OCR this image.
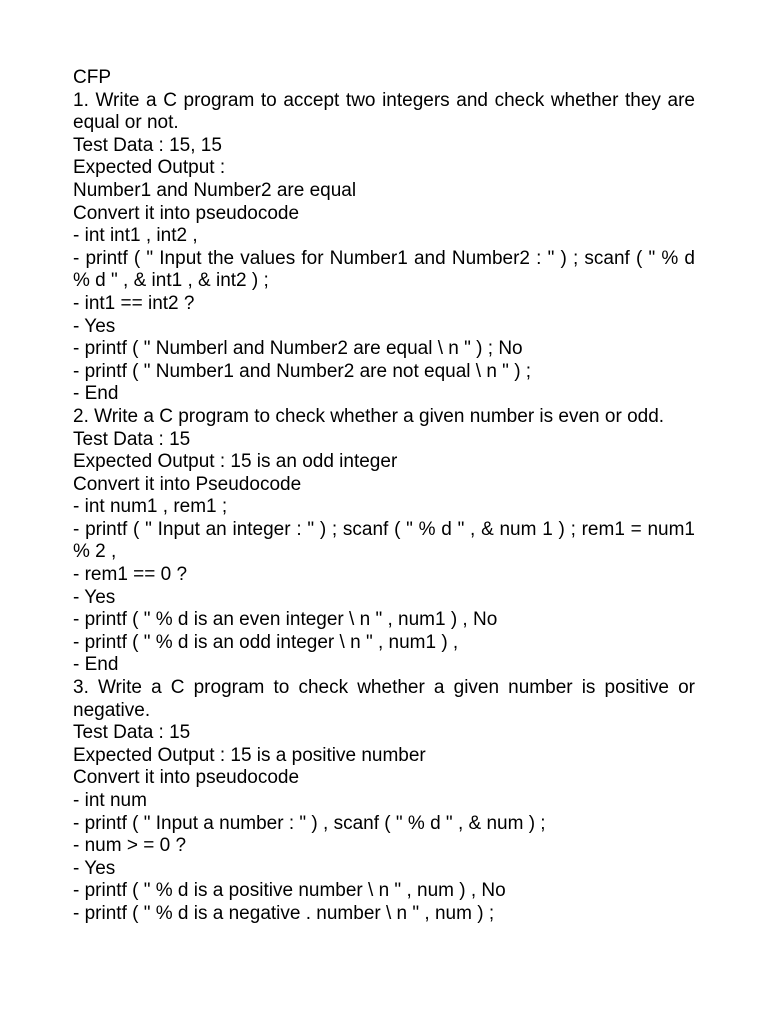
CFP
1. Write a C program to accept two integers and check whether they are equal or not.
Test Data : 15, 15
Expected Output :
Number1 and Number2 are equal
Convert it into pseudocode
- int int1 , int2 ,
- printf ( " Input the values for Number1 and Number2 : " ) ; scanf ( " % d % d " , & int1 , & int2 ) ;
- int1 == int2 ?
- Yes
- printf ( " Numberl and Number2 are equal \ n " ) ; No
- printf ( " Number1 and Number2 are not equal \ n " ) ;
- End
2. Write a C program to check whether a given number is even or odd.
Test Data : 15
Expected Output : 15 is an odd integer
Convert it into Pseudocode
- int num1 , rem1 ;
- printf ( " Input an integer : " ) ; scanf ( " % d " , & num 1 ) ; rem1 = num1 % 2 ,
- rem1 == 0 ?
- Yes
- printf ( " % d is an even integer \ n " , num1 ) , No
- printf ( " % d is an odd integer \ n " , num1 ) ,
- End
3. Write a C program to check whether a given number is positive or negative.
Test Data : 15
Expected Output : 15 is a positive number
Convert it into pseudocode
- int num
- printf ( " Input a number : " ) , scanf ( " % d " , & num ) ;
- num > = 0 ?
- Yes
- printf ( " % d is a positive number \ n " , num ) , No
- printf ( " % d is a negative . number \ n " , num ) ;
